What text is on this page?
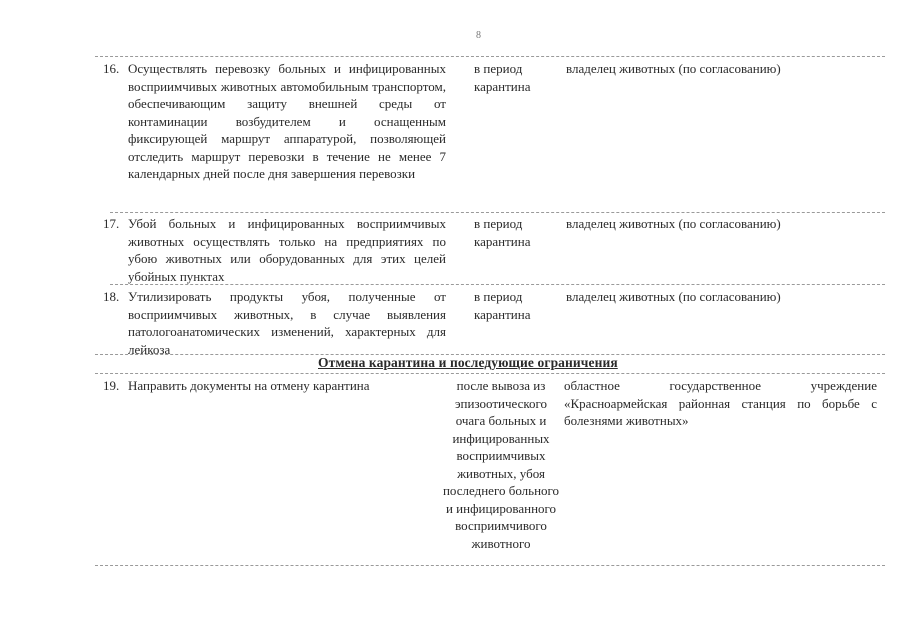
8
16. Осуществлять перевозку больных и инфицированных восприимчивых животных автомобильным транспортом, обеспечивающим защиту внешней среды от контаминации возбудителем и оснащенным фиксирующей маршрут аппаратурой, позволяющей отследить маршрут перевозки в течение не менее 7 календарных дней после дня завершения перевозки
в период карантина
владелец животных (по согласованию)
17. Убой больных и инфицированных восприимчивых животных осуществлять только на предприятиях по убою животных или оборудованных для этих целей убойных пунктах
в период карантина
владелец животных (по согласованию)
18. Утилизировать продукты убоя, полученные от восприимчивых животных, в случае выявления патологоанатомических изменений, характерных для лейкоза
в период карантина
владелец животных (по согласованию)
Отмена карантина и последующие ограничения
19. Направить документы на отмену карантина	после вывоза из эпизоотического очага больных и инфицированных восприимчивых животных, убоя последнего больного и инфицированного восприимчивого животного
областное государственное учреждение «Красноармейская районная станция по борьбе с болезнями животных»
